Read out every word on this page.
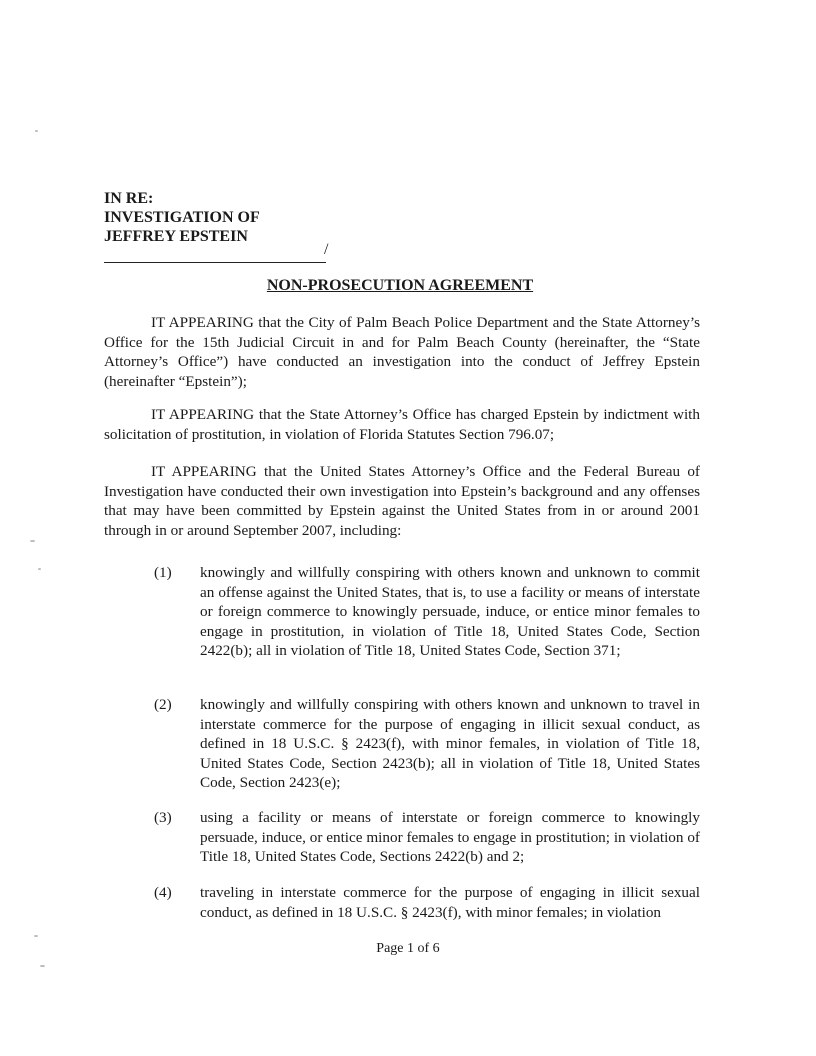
IN RE:
INVESTIGATION OF
JEFFREY EPSTEIN
/
NON-PROSECUTION AGREEMENT
IT APPEARING that the City of Palm Beach Police Department and the State Attorney’s Office for the 15th Judicial Circuit in and for Palm Beach County (hereinafter, the “State Attorney’s Office”) have conducted an investigation into the conduct of Jeffrey Epstein (hereinafter “Epstein”);
IT APPEARING that the State Attorney’s Office has charged Epstein by indictment with solicitation of prostitution, in violation of Florida Statutes Section 796.07;
IT APPEARING that the United States Attorney’s Office and the Federal Bureau of Investigation have conducted their own investigation into Epstein’s background and any offenses that may have been committed by Epstein against the United States from in or around 2001 through in or around September 2007, including:
(1) knowingly and willfully conspiring with others known and unknown to commit an offense against the United States, that is, to use a facility or means of interstate or foreign commerce to knowingly persuade, induce, or entice minor females to engage in prostitution, in violation of Title 18, United States Code, Section 2422(b); all in violation of Title 18, United States Code, Section 371;
(2) knowingly and willfully conspiring with others known and unknown to travel in interstate commerce for the purpose of engaging in illicit sexual conduct, as defined in 18 U.S.C. § 2423(f), with minor females, in violation of Title 18, United States Code, Section 2423(b); all in violation of Title 18, United States Code, Section 2423(e);
(3) using a facility or means of interstate or foreign commerce to knowingly persuade, induce, or entice minor females to engage in prostitution; in violation of Title 18, United States Code, Sections 2422(b) and 2;
(4) traveling in interstate commerce for the purpose of engaging in illicit sexual conduct, as defined in 18 U.S.C. § 2423(f), with minor females; in violation
Page 1 of 6
